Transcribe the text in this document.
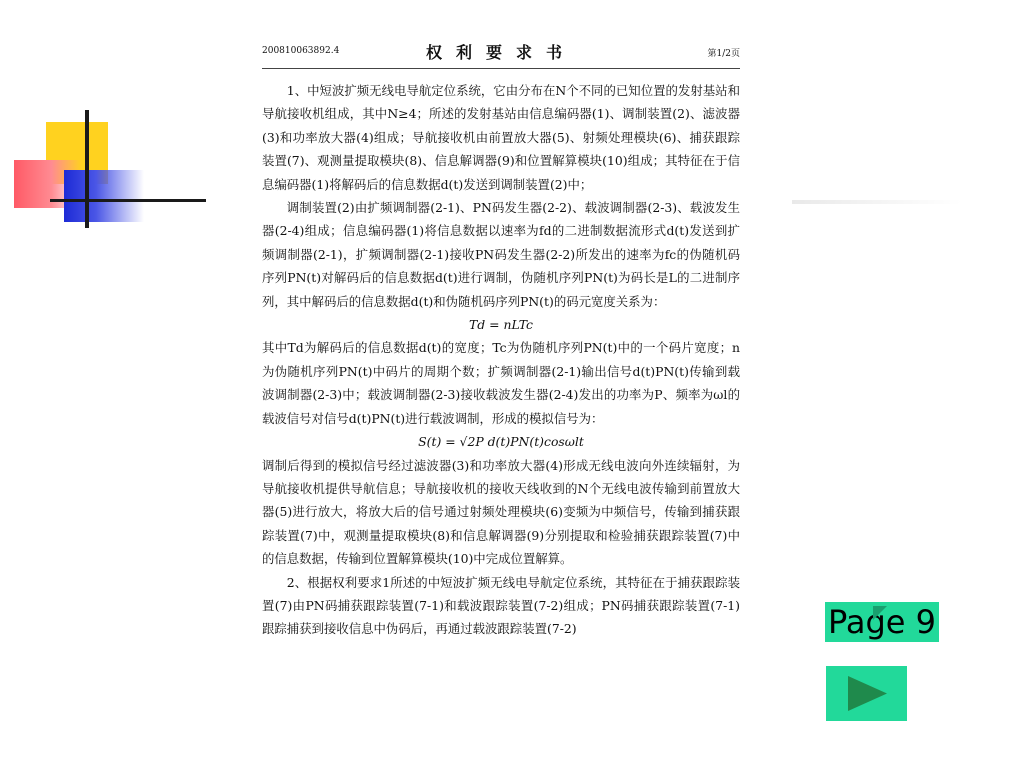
200810063892.4	权利要求书	第1/2页

1、中短波扩频无线电导航定位系统，它由分布在N个不同的已知位置的发射基站和导航接收机组成，其中N≥4；所述的发射基站由信息编码器(1)、调制装置(2)、滤波器(3)和功率放大器(4)组成；导航接收机由前置放大器(5)、射频处理模块(6)、捕获跟踪装置(7)、观测量提取模块(8)、信息解调器(9)和位置解算模块(10)组成；其特征在于信息编码器(1)将解码后的信息数据d(t)发送到调制装置(2)中；

调制装置(2)由扩频调制器(2-1)、PN码发生器(2-2)、载波调制器(2-3)、载波发生器(2-4)组成；信息编码器(1)将信息数据以速率为fd的二进制数据流形式d(t)发送到扩频调制器(2-1)，扩频调制器(2-1)接收PN码发生器(2-2)所发出的速率为fc的伪随机码序列PN(t)对解码后的信息数据d(t)进行调制，伪随机序列PN(t)为码长是L的二进制序列，其中解码后的信息数据d(t)和伪随机码序列PN(t)的码元宽度关系为：

Td = nLTc

其中Td为解码后的信息数据d(t)的宽度；Tc为伪随机序列PN(t)中的一个码片宽度；n为伪随机序列PN(t)中码片的周期个数；扩频调制器(2-1)输出信号d(t)PN(t)传输到载波调制器(2-3)中；载波调制器(2-3)接收载波发生器(2-4)发出的功率为P、频率为ωl的载波信号对信号d(t)PN(t)进行载波调制，形成的模拟信号为：

S(t) = √2P d(t)PN(t)cosωlt

调制后得到的模拟信号经过滤波器(3)和功率放大器(4)形成无线电波向外连续辐射，为导航接收机提供导航信息；导航接收机的接收天线收到的N个无线电波传输到前置放大器(5)进行放大，将放大后的信号通过射频处理模块(6)变频为中频信号，传输到捕获跟踪装置(7)中，观测量提取模块(8)和信息解调器(9)分别提取和检验捕获跟踪装置(7)中的信息数据，传输到位置解算模块(10)中完成位置解算。

2、根据权利要求1所述的中短波扩频无线电导航定位系统，其特征在于捕获跟踪装置(7)由PN码捕获跟踪装置(7-1)和载波跟踪装置(7-2)组成；PN码捕获跟踪装置(7-1)跟踪捕获到接收信息中伪码后，再通过载波跟踪装置(7-2)	Page 9
